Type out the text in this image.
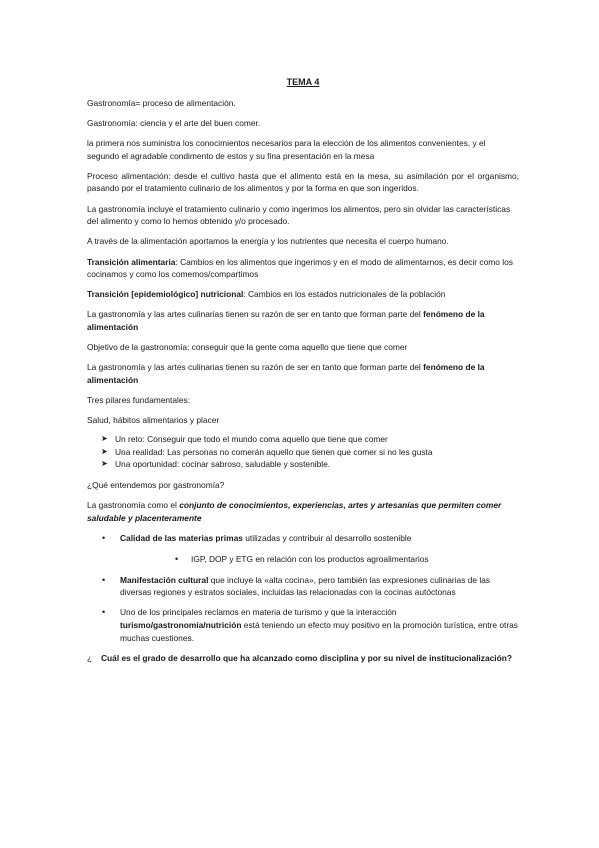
TEMA 4

Gastronomía= proceso de alimentación.

Gastronomía: ciencia y el arte del buen comer.

la primera nos suministra los conocimientos necesarios para la elección de los alimentos convenientes, y el segundo el agradable condimento de estos y su fina presentación en la mesa

Proceso alimentación: desde el cultivo hasta que el alimento está en la mesa, su asimilación por el organismo, pasando por el tratamiento culinario de los alimentos y por la forma en que son ingeridos.

La gastronomía incluye el tratamiento culinario y como ingerimos los alimentos, pero sin olvidar las características del alimento y como lo hemos obtenido y/o procesado.

A través de la alimentación aportamos la energía y los nutrientes que necesita el cuerpo humano.

Transición alimentaria: Cambios en los alimentos que ingerimos y en el modo de alimentarnos, es decir como los cocinamos y como los comemos/compartimos

Transición [epidemiológico] nutricional: Cambios en los estados nutricionales de la población

La gastronomía y las artes culinarias tienen su razón de ser en tanto que forman parte del fenómeno de la alimentación

Objetivo de la gastronomía: conseguir que la gente coma aquello que tiene que comer

La gastronomía y las artes culinarias tienen su razón de ser en tanto que forman parte del fenómeno de la alimentación

Tres pilares fundamentales:

Salud, hábitos alimentarios y placer

➤ Un reto: Conseguir que todo el mundo coma aquello que tiene que comer
➤ Una realidad: Las personas no comerán aquello que tienen que comer si no les gusta
➤ Una oportunidad: cocinar sabroso, saludable y sostenible.

¿Qué entendemos por gastronomía?

La gastronomía como el conjunto de conocimientos, experiencias, artes y artesanías que permiten comer saludable y placenteramente

• Calidad de las materias primas utilizadas y contribuir al desarrollo sostenible
• IGP, DOP y ETG en relación con los productos agroalimentarios
• Manifestación cultural que incluye la «alta cocina», pero también las expresiones culinarias de las diversas regiones y estratos sociales, incluidas las relacionadas con la cocinas autóctonas
• Uno de los principales reclamos en materia de turismo y que la interacción turismo/gastronomía/nutrición está teniendo un efecto muy positivo en la promoción turística, entre otras muchas cuestiones.

¿ Cuál es el grado de desarrollo que ha alcanzado como disciplina y por su nivel de institucionalización?
